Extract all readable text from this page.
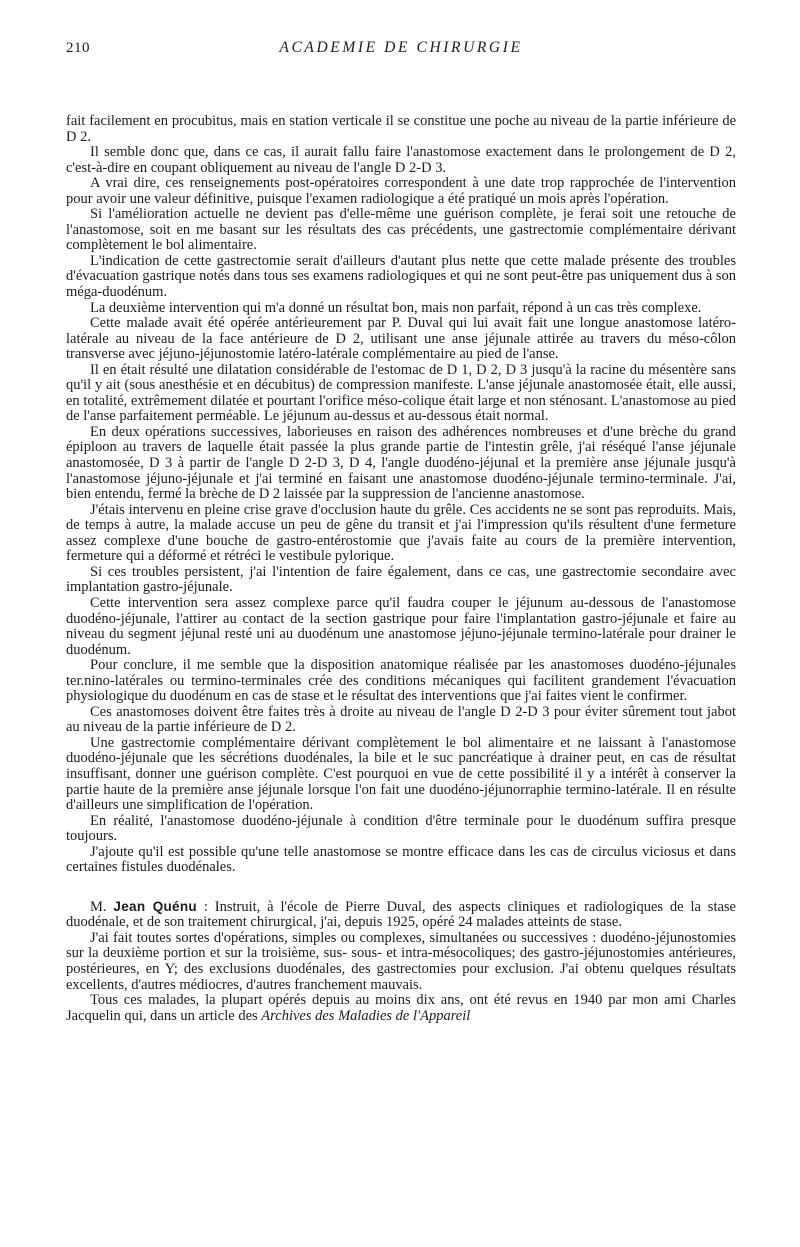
210	ACADEMIE DE CHIRURGIE

fait facilement en procubitus, mais en station verticale il se constitue une poche au niveau de la partie inférieure de D 2.

Il semble donc que, dans ce cas, il aurait fallu faire l'anastomose exactement dans le prolongement de D 2, c'est-à-dire en coupant obliquement au niveau de l'angle D 2-D 3.

A vrai dire, ces renseignements post-opératoires correspondent à une date trop rapprochée de l'intervention pour avoir une valeur définitive, puisque l'examen radiologique a été pratiqué un mois après l'opération.

Si l'amélioration actuelle ne devient pas d'elle-même une guérison complète, je ferai soit une retouche de l'anastomose, soit en me basant sur les résultats des cas précédents, une gastrectomie complémentaire dérivant complètement le bol alimentaire.

L'indication de cette gastrectomie serait d'ailleurs d'autant plus nette que cette malade présente des troubles d'évacuation gastrique notés dans tous ses examens radiologiques et qui ne sont peut-être pas uniquement dus à son méga-duodénum.

La deuxième intervention qui m'a donné un résultat bon, mais non parfait, répond à un cas très complexe.

Cette malade avait été opérée antérieurement par P. Duval qui lui avait fait une longue anastomose latéro-latérale au niveau de la face antérieure de D 2, utilisant une anse jéjunale attirée au travers du méso-côlon transverse avec jéjuno-jéjunostomie latéro-latérale complémentaire au pied de l'anse.

Il en était résulté une dilatation considérable de l'estomac de D 1, D 2, D 3 jusqu'à la racine du mésentère sans qu'il y ait (sous anesthésie et en décubitus) de compression manifeste. L'anse jéjunale anastomosée était, elle aussi, en totalité, extrêmement dilatée et pourtant l'orifice méso-colique était large et non sténosant. L'anastomose au pied de l'anse parfaitement perméable. Le jéjunum au-dessus et au-dessous était normal.

En deux opérations successives, laborieuses en raison des adhérences nombreuses et d'une brèche du grand épiploon au travers de laquelle était passée la plus grande partie de l'intestin grêle, j'ai réséqué l'anse jéjunale anastomosée, D 3 à partir de l'angle D 2-D 3, D 4, l'angle duodéno-jéjunal et la première anse jéjunale jusqu'à l'anastomose jéjuno-jéjunale et j'ai terminé en faisant une anastomose duodéno-jéjunale termino-terminale. J'ai, bien entendu, fermé la brèche de D 2 laissée par la suppression de l'ancienne anastomose.

J'étais intervenu en pleine crise grave d'occlusion haute du grêle. Ces accidents ne se sont pas reproduits. Mais, de temps à autre, la malade accuse un peu de gêne du transit et j'ai l'impression qu'ils résultent d'une fermeture assez complexe d'une bouche de gastro-entérostomie que j'avais faite au cours de la première intervention, fermeture qui a déformé et rétréci le vestibule pylorique.

Si ces troubles persistent, j'ai l'intention de faire également, dans ce cas, une gastrectomie secondaire avec implantation gastro-jéjunale.

Cette intervention sera assez complexe parce qu'il faudra couper le jéjunum au-dessous de l'anastomose duodéno-jéjunale, l'attirer au contact de la section gastrique pour faire l'implantation gastro-jéjunale et faire au niveau du segment jéjunal resté uni au duodénum une anastomose jéjuno-jéjunale termino-latérale pour drainer le duodénum.

Pour conclure, il me semble que la disposition anatomique réalisée par les anastomoses duodéno-jéjunales ter.nino-latérales ou termino-terminales crée des conditions mécaniques qui facilitent grandement l'évacuation physiologique du duodénum en cas de stase et le résultat des interventions que j'ai faites vient le confirmer.

Ces anastomoses doivent être faites très à droite au niveau de l'angle D 2-D 3 pour éviter sûrement tout jabot au niveau de la partie inférieure de D 2.

Une gastrectomie complémentaire dérivant complètement le bol alimentaire et ne laissant à l'anastomose duodéno-jéjunale que les sécrétions duodénales, la bile et le suc pancréatique à drainer peut, en cas de résultat insuffisant, donner une guérison complète. C'est pourquoi en vue de cette possibilité il y a intérêt à conserver la partie haute de la première anse jéjunale lorsque l'on fait une duodéno-jéjunorraphie termino-latérale. Il en résulte d'ailleurs une simplification de l'opération.

En réalité, l'anastomose duodéno-jéjunale à condition d'être terminale pour le duodénum suffira presque toujours.

J'ajoute qu'il est possible qu'une telle anastomose se montre efficace dans les cas de circulus viciosus et dans certaines fistules duodénales.

M. Jean Quénu : Instruit, à l'école de Pierre Duval, des aspects cliniques et radiologiques de la stase duodénale, et de son traitement chirurgical, j'ai, depuis 1925, opéré 24 malades atteints de stase.

J'ai fait toutes sortes d'opérations, simples ou complexes, simultanées ou successives : duodéno-jéjunostomies sur la deuxième portion et sur la troisième, sus- sous- et intra-mésocoliques; des gastro-jéjunostomies antérieures, postérieures, en Y; des exclusions duodénales, des gastrectomies pour exclusion. J'ai obtenu quelques résultats excellents, d'autres médiocres, d'autres franchement mauvais.

Tous ces malades, la plupart opérés depuis au moins dix ans, ont été revus en 1940 par mon ami Charles Jacquelin qui, dans un article des Archives des Maladies de l'Appareil
